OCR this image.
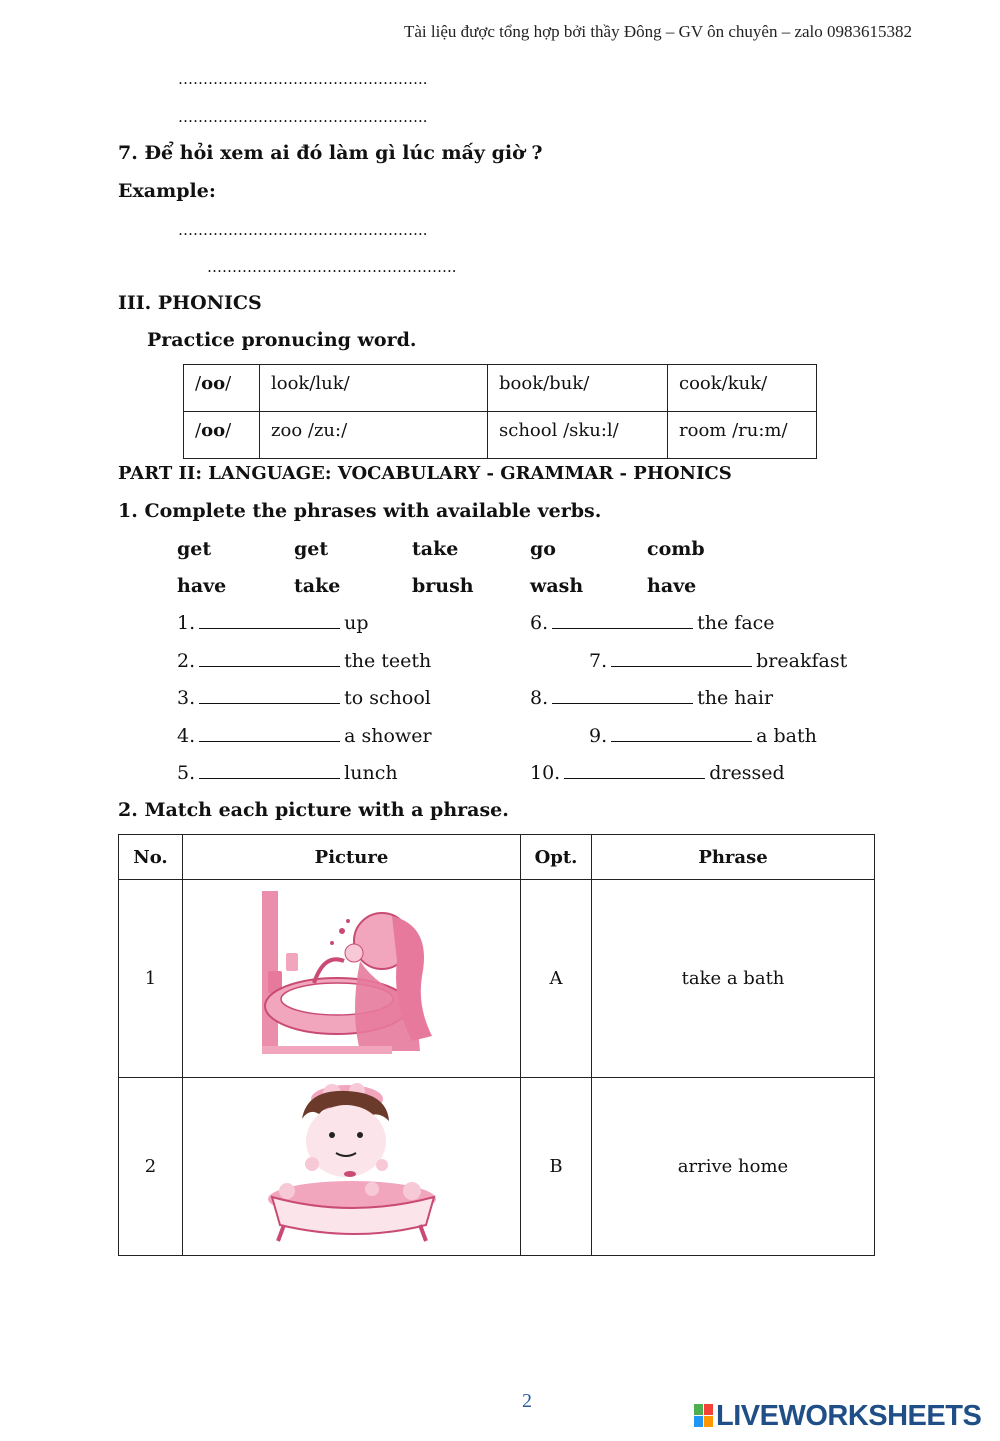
Tài liệu được tổng hợp bởi thầy Đông – GV ôn chuyên – zalo 0983615382
…………………………………………..
…………………………………………..
7. Để hỏi xem ai đó làm gì lúc mấy giờ ?
Example:
…………………………………………..
…………………………………………..
III. PHONICS
Practice pronucing word.
/oo/	look/luk/	book/buk/	cook/kuk/
/oo/	zoo /zu:/	school /sku:l/	room /ru:m/
PART II: LANGUAGE: VOCABULARY - GRAMMAR - PHONICS
1. Complete the phrases with available verbs.
get	get	take	go	comb
have	take	brush	wash	have
1.	up
2.	the teeth
3.	to school
4.	a shower
5.	lunch
6.	the face
7.	breakfast
8.	the hair
9.	a bath
10.	dressed
2. Match each picture with a phrase.
No.	Picture	Opt.	Phrase
1		A	take a bath
2		B	arrive home
2	LIVEWORKSHEETS
